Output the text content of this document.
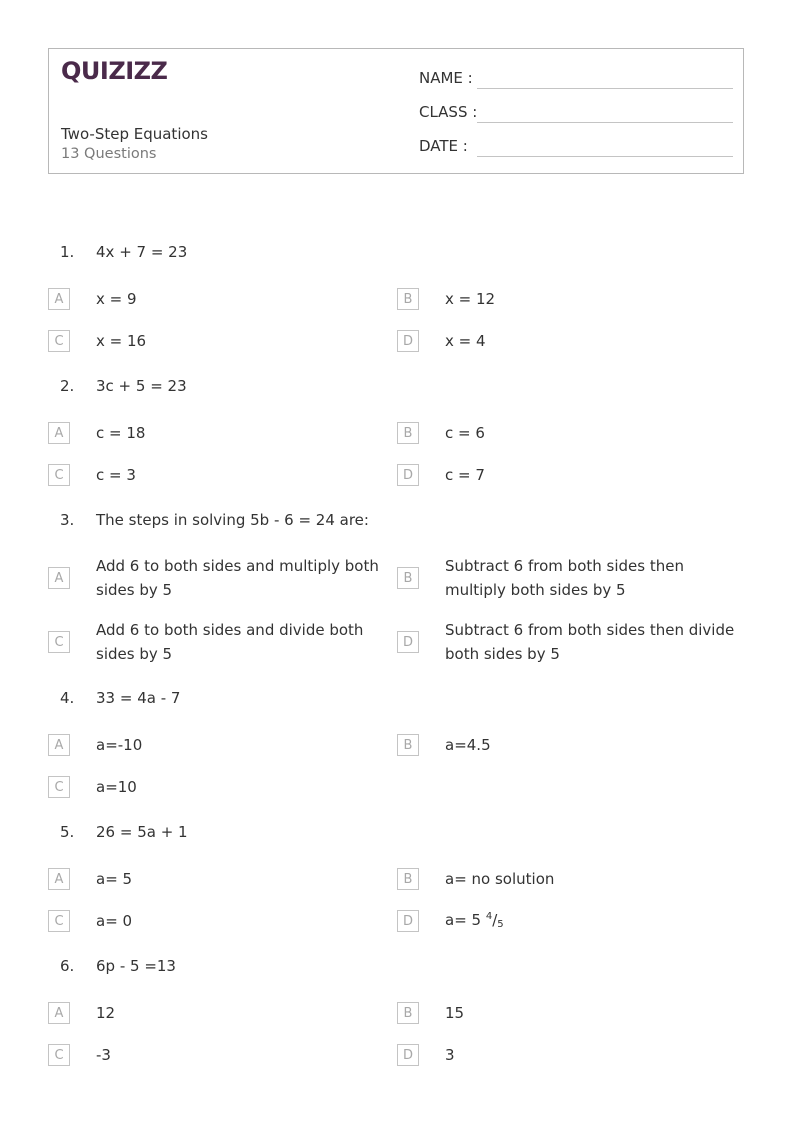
QUIZIZZ
Two-Step Equations
13 Questions
NAME :
CLASS :
DATE :
1.	4x + 7 = 23
A	x = 9	B	x = 12
C	x = 16	D	x = 4
2.	3c + 5 = 23
A	c = 18	B	c = 6
C	c = 3	D	c = 7
3.	The steps in solving 5b - 6 = 24 are:
A
Add 6 to both sides and multiply both sides by 5
B
Subtract 6 from both sides then multiply both sides by 5
C
Add 6 to both sides and divide both sides by 5
D
Subtract 6 from both sides then divide both sides by 5
4.	33 = 4a - 7
A	a=-10	B	a=4.5
C	a=10
5.	26 = 5a + 1
A	a= 5	B	a= no solution
C	a= 0	D	a= 5 $^4/_5$
6.	6p - 5 =13
A	12	B	15
C	-3	D	3
